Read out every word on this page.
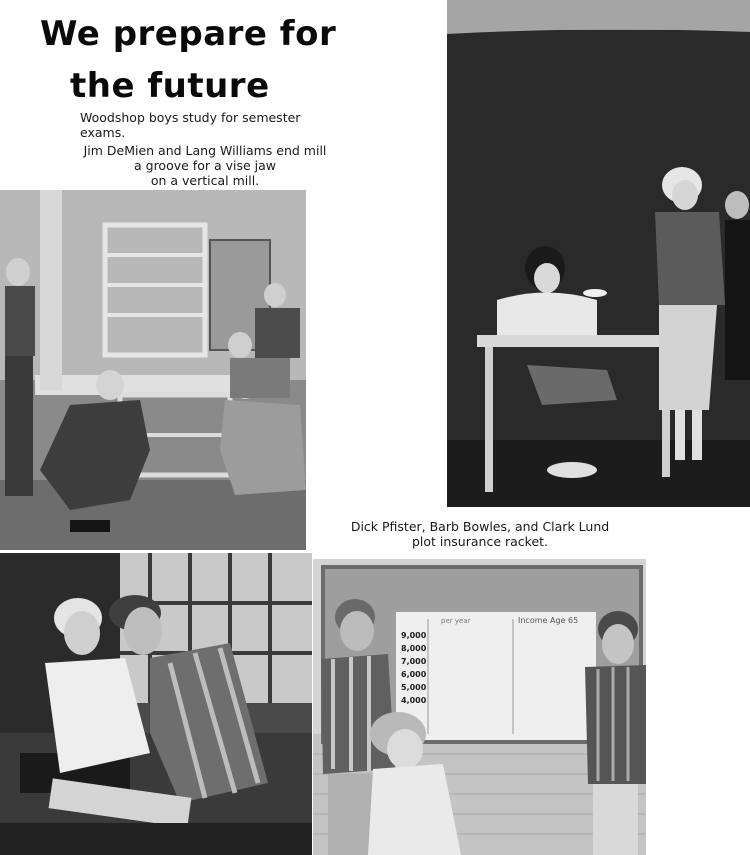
We prepare for
the future
Woodshop boys study for semester exams.
Jim DeMien and Lang Williams end mill
a groove for a vise jaw
on a vertical mill.
Dick Pfister, Barb Bowles, and Clark Lund
plot insurance racket.
per year	Income Age 65
9,000
8,000
7,000
6,000
5,000
4,000
